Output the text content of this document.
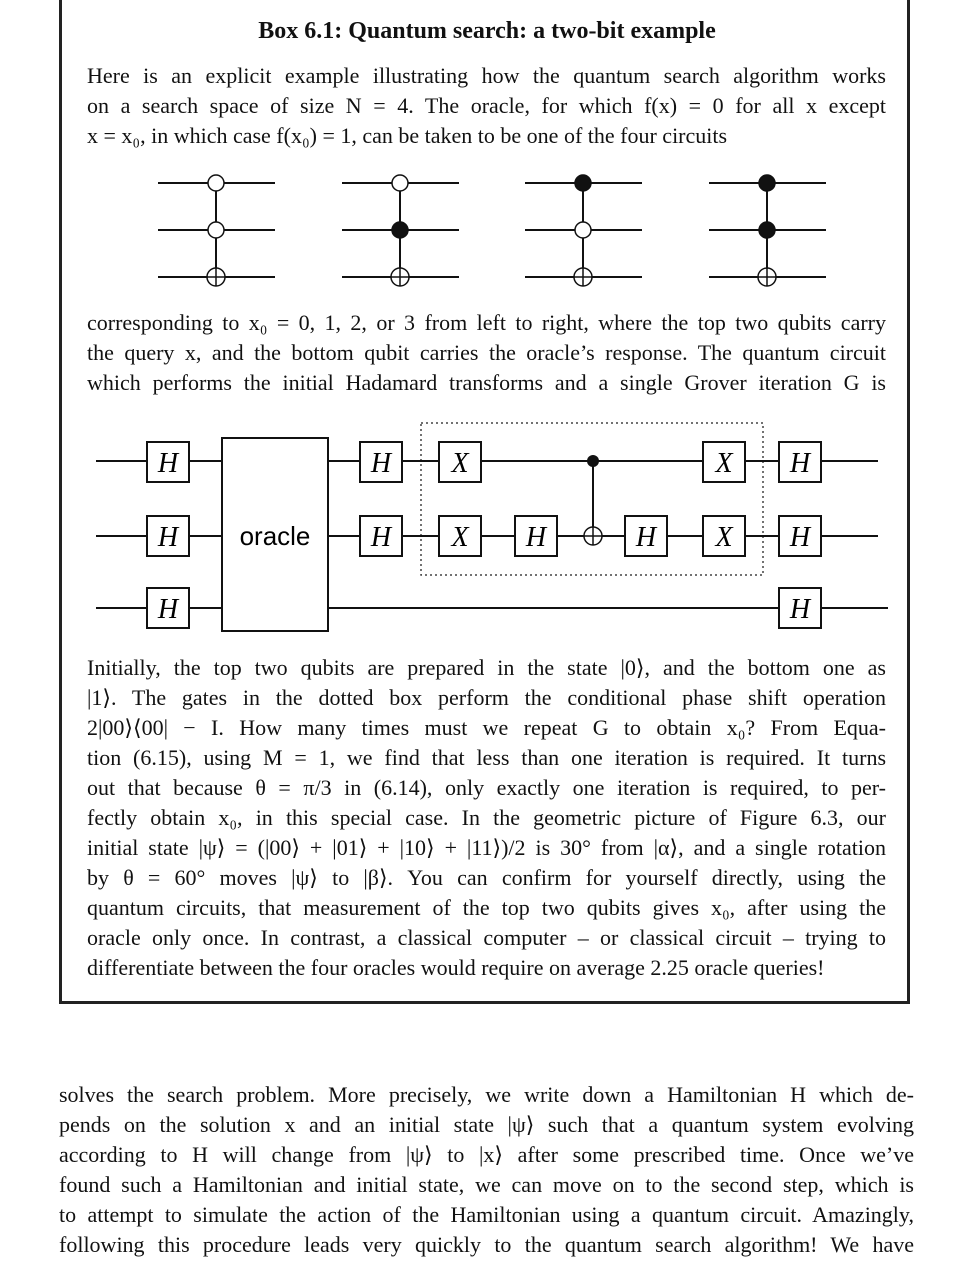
Box 6.1: Quantum search: a two-bit example
Here is an explicit example illustrating how the quantum search algorithm works
on a search space of size N = 4. The oracle, for which f(x) = 0 for all x except
x = x₀, in which case f(x₀) = 1, can be taken to be one of the four circuits
corresponding to x₀ = 0, 1, 2, or 3 from left to right, where the top two qubits carry
the query x, and the bottom qubit carries the oracle’s response. The quantum circuit
which performs the initial Hadamard transforms and a single Grover iteration G is
oracle
H
H
H
H
H
X
X H	H
X
X
H
H
H
Initially, the top two qubits are prepared in the state |0⟩, and the bottom one as
|1⟩. The gates in the dotted box perform the conditional phase shift operation
2|00⟩⟨00| − I. How many times must we repeat G to obtain x₀? From Equa-
tion (6.15), using M = 1, we find that less than one iteration is required. It turns
out that because θ = π/3 in (6.14), only exactly one iteration is required, to per-
fectly obtain x₀, in this special case. In the geometric picture of Figure 6.3, our
initial state |ψ⟩ = (|00⟩ + |01⟩ + |10⟩ + |11⟩)/2 is 30° from |α⟩, and a single rotation
by θ = 60° moves |ψ⟩ to |β⟩. You can confirm for yourself directly, using the
quantum circuits, that measurement of the top two qubits gives x₀, after using the
oracle only once. In contrast, a classical computer – or classical circuit – trying to
differentiate between the four oracles would require on average 2.25 oracle queries!
solves the search problem. More precisely, we write down a Hamiltonian H which de-
pends on the solution x and an initial state |ψ⟩ such that a quantum system evolving
according to H will change from |ψ⟩ to |x⟩ after some prescribed time. Once we’ve
found such a Hamiltonian and initial state, we can move on to the second step, which is
to attempt to simulate the action of the Hamiltonian using a quantum circuit. Amazingly,
following this procedure leads very quickly to the quantum search algorithm! We have
